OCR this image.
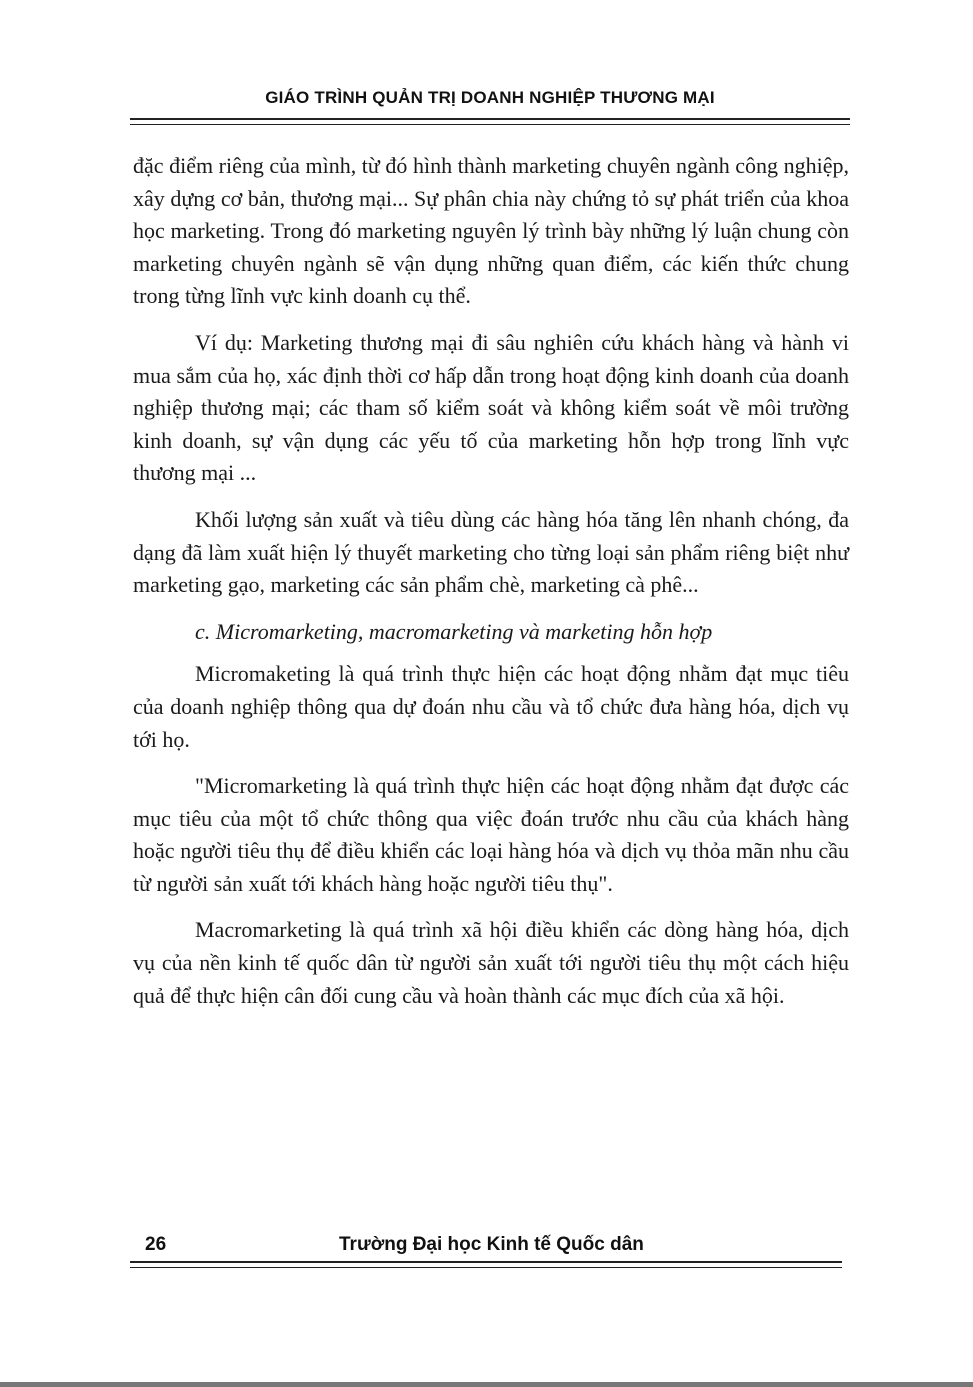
GIÁO TRÌNH QUẢN TRỊ DOANH NGHIỆP THƯƠNG MẠI

đặc điểm riêng của mình, từ đó hình thành marketing chuyên ngành công nghiệp, xây dựng cơ bản, thương mại... Sự phân chia này chứng tỏ sự phát triển của khoa học marketing. Trong đó marketing nguyên lý trình bày những lý luận chung còn marketing chuyên ngành sẽ vận dụng những quan điểm, các kiến thức chung trong từng lĩnh vực kinh doanh cụ thể.

Ví dụ: Marketing thương mại đi sâu nghiên cứu khách hàng và hành vi mua sắm của họ, xác định thời cơ hấp dẫn trong hoạt động kinh doanh của doanh nghiệp thương mại; các tham số kiểm soát và không kiểm soát về môi trường kinh doanh, sự vận dụng các yếu tố của marketing hỗn hợp trong lĩnh vực thương mại ...

Khối lượng sản xuất và tiêu dùng các hàng hóa tăng lên nhanh chóng, đa dạng đã làm xuất hiện lý thuyết marketing cho từng loại sản phẩm riêng biệt như marketing gạo, marketing các sản phẩm chè, marketing cà phê...

c. Micromarketing, macromarketing và marketing hỗn hợp

Micromaketing là quá trình thực hiện các hoạt động nhằm đạt mục tiêu của doanh nghiệp thông qua dự đoán nhu cầu và tổ chức đưa hàng hóa, dịch vụ tới họ.

"Micromarketing là quá trình thực hiện các hoạt động nhằm đạt được các mục tiêu của một tổ chức thông qua việc đoán trước nhu cầu của khách hàng hoặc người tiêu thụ để điều khiển các loại hàng hóa và dịch vụ thỏa mãn nhu cầu từ người sản xuất tới khách hàng hoặc người tiêu thụ".

Macromarketing là quá trình xã hội điều khiển các dòng hàng hóa, dịch vụ của nền kinh tế quốc dân từ người sản xuất tới người tiêu thụ một cách hiệu quả để thực hiện cân đối cung cầu và hoàn thành các mục đích của xã hội.

26	Trường Đại học Kinh tế Quốc dân
